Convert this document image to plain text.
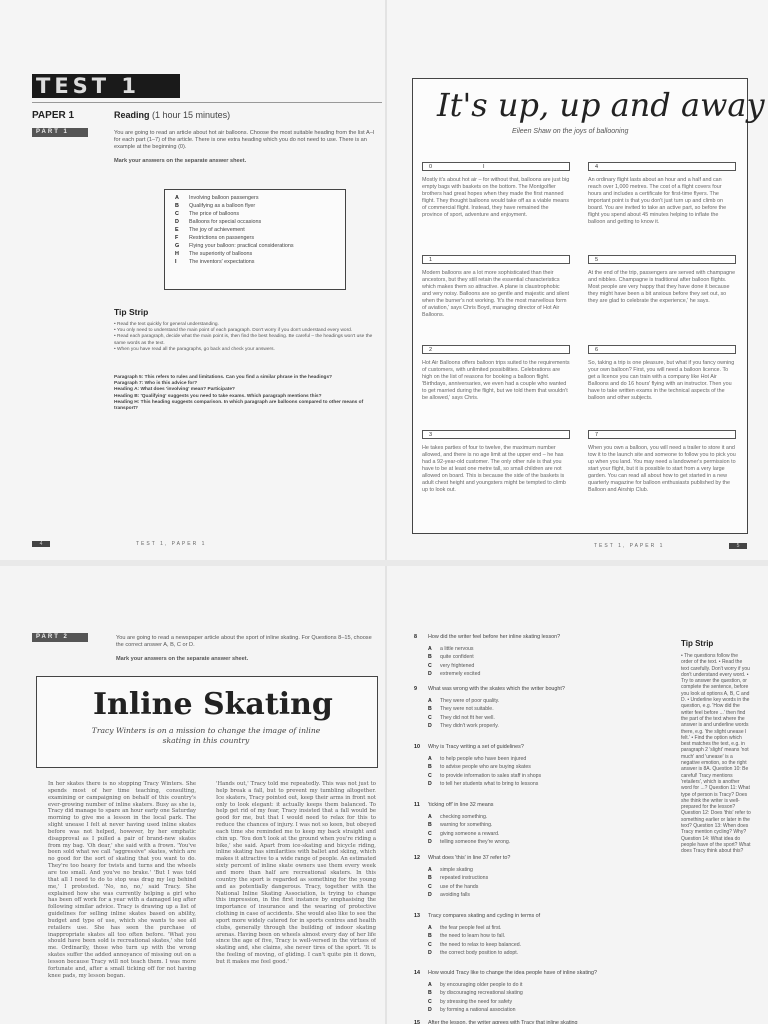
TEST 1
PAPER 1	Reading (1 hour 15 minutes)
PART 1	You are going to read an article about hot air balloons. Choose the most suitable heading from the list A–I for each part (1–7) of the article. There is one extra heading which you do not need to use. There is an example at the beginning (0).
Mark your answers on the separate answer sheet.
A Involving balloon passengers
B Qualifying as a balloon flyer
C The price of balloons
D Balloons for special occasions
E The joy of achievement
F Restrictions on passengers
G Flying your balloon: practical considerations
H The superiority of balloons
I The inventors' expectations
Tip Strip
• Read the text quickly for general understanding.
• You only need to understand the main point of each paragraph. Don't worry if you don't understand every word.
• Read each paragraph, decide what the main point is, then find the best heading. Be careful – the headings won't use the same words as the text.
• When you have read all the paragraphs, go back and check your answers.
Paragraph 5: This refers to rules and limitations. Can you find a similar phrase in the headings?
Paragraph 7: Who is this advice for?
Heading A: What does 'involving' mean? Participate?
Heading B: 'Qualifying' suggests you need to take exams. Which paragraph mentions this?
Heading H: This heading suggests comparison. In which paragraph are balloons compared to other means of transport?
4	TEST 1, PAPER 1
It's up, up and away
Eileen Shaw on the joys of ballooning
0	I
Mostly it's about hot air – for without that, balloons are just big empty bags with baskets on the bottom. The Montgolfier brothers had great hopes when they made the first manned flight. They thought balloons would take off as a viable means of commercial flight. Instead, they have remained the province of sport, adventure and enjoyment.
1
Modern balloons are a lot more sophisticated than their ancestors, but they still retain the essential characteristics which makes them so attractive. A plane is claustrophobic and very noisy. Balloons are so gentle and majestic and silent when the burner's not working. 'It's the most marvellous form of aviation,' says Chris Boyd, managing director of Hot Air Balloons.
2
Hot Air Balloons offers balloon trips suited to the requirements of customers, with unlimited possibilities. Celebrations are high on the list of reasons for booking a balloon flight. 'Birthdays, anniversaries, we even had a couple who wanted to get married during the flight, but we told them that wouldn't be allowed,' says Chris.
3
He takes parties of four to twelve, the maximum number allowed, and there is no age limit at the upper end – he has had a 92-year-old customer. The only other rule is that you have to be at least one metre tall, so small children are not allowed on board. This is because the side of the baskets is adult chest height and youngsters might be tempted to climb up to look out.
4
An ordinary flight lasts about an hour and a half and can reach over 1,000 metres. The cost of a flight covers four hours and includes a certificate for first-time flyers. The important point is that you don't just turn up and climb on board. You are invited to take an active part, so before the flight you spend about 45 minutes helping to inflate the balloon and getting to know it.
5
At the end of the trip, passengers are served with champagne and nibbles. Champagne is traditional after balloon flights. Most people are very happy that they have done it because they might have been a bit anxious before they set out, so they are glad to celebrate the experience,' he says.
6
So, taking a trip is one pleasure, but what if you fancy owning your own balloon? First, you will need a balloon licence. To get a licence you can train with a company like Hot Air Balloons and do 16 hours' flying with an instructor. Then you have to take written exams in the technical aspects of the balloon and other subjects.
7
When you own a balloon, you will need a trailer to store it and tow it to the launch site and someone to follow you to pick you up when you land. You may need a landowner's permission to start your flight, but it is possible to start from a very large garden. You can read all about how to get started in a new quarterly magazine for balloon enthusiasts published by the Balloon and Airship Club.
TEST 1, PAPER 1	5
PART 2	You are going to read a newspaper article about the sport of inline skating. For Questions 8–15, choose the correct answer A, B, C or D.
Mark your answers on the separate answer sheet.
Inline Skating
Tracy Winters is on a mission to change the image of inline skating in this country
In her skates there is no stopping Tracy Winters. She spends most of her time teaching, consulting, examining or campaigning on behalf of this country's ever-growing number of inline skaters. Busy as she is, Tracy did manage to spare an hour early one Saturday morning to give me a lesson in the local park. The slight unease I felt at never having used inline skates before was not helped, however, by her emphatic disapproval as I pulled a pair of brand-new skates from my bag. 'Oh dear,' she said with a frown. 'You've been sold what we call "aggressive" skates, which are no good for the sort of skating that you want to do. They're too heavy for twists and turns and the wheels are too small. And you've no brake.' 'But I was told that all I need to do to stop was drag my leg behind me,' I protested. 'No, no, no,' said Tracy. She explained how she was currently helping a girl who has been off work for a year with a damaged leg after following similar advice. Tracy is drawing up a list of guidelines for selling inline skates based on ability, budget and type of use, which she wants to see all retailers use. She has seen the purchase of inappropriate skates all too often before. 'What you should have been sold is recreational skates,' she told me. Ordinarily, those who turn up with the wrong skates suffer the added annoyance of missing out on a lesson because Tracy will not teach them. I was more fortunate and, after a small ticking off for not having knee pads, my lesson began.
'Hands out,' Tracy told me repeatedly. This was not just to help break a fall, but to prevent my tumbling altogether. Ice skaters, Tracy pointed out, keep their arms in front not only to look elegant: it actually keeps them balanced. To help get rid of my fear, Tracy insisted that a fall would be good for me, but that I would need to relax for this to reduce the chances of injury. I was not so keen, but obeyed each time she reminded me to keep my back straight and chin up. 'You don't look at the ground when you're riding a bike,' she said. Apart from ice-skating and bicycle riding, inline skating has similarities with ballet and skiing, which makes it attractive to a wide range of people. An estimated sixty percent of inline skate owners use them every week and more than half are recreational skaters. In this country the sport is regarded as something for the young and as potentially dangerous. Tracy, together with the National Inline Skating Association, is trying to change this impression, in the first instance by emphasising the importance of insurance and the wearing of protective clothing in case of accidents. She would also like to see the sport more widely catered for in sports centres and health clubs, generally through the building of indoor skating arenas. Having been on wheels almost every day of her life since the age of five, Tracy is well-versed in the virtues of skating and, she claims, she never tires of the sport. 'It is the feeling of moving, of gliding. I can't quite pin it down, but it makes me feel good.'
8 How did the writer feel before her inline skating lesson?
A a little nervous
B quite confident
C very frightened
D extremely excited
9 What was wrong with the skates which the writer bought?
A They were of poor quality.
B They were not suitable.
C They did not fit her well.
D They didn't work properly.
10 Why is Tracy writing a set of guidelines?
A to help people who have been injured
B to advise people who are buying skates
C to provide information to sales staff in shops
D to tell her students what to bring to lessons
11 'ticking off' in line 32 means
A checking something.
B warning for something.
C giving someone a reward.
D telling someone they're wrong.
12 What does 'this' in line 37 refer to?
A simple skating
B repeated instructions
C use of the hands
D avoiding falls
13 Tracy compares skating and cycling in terms of
A the fear people feel at first.
B the need to learn how to fall.
C the need to relax to keep balanced.
D the correct body position to adopt.
14 How would Tracy like to change the idea people have of inline skating?
A by encouraging older people to do it
B by discouraging recreational skating
C by stressing the need for safety
D by forming a national association
15 After the lesson, the writer agrees with Tracy that inline skating
Tip Strip
• The questions follow the order of the text. • Read the text carefully. Don't worry if you don't understand every word. • Try to answer the question, or complete the sentence, before you look at options A, B, C and D. • Underline key words in the question, e.g. 'How did the writer feel before ...' then find the part of the text where the answer is and underline words there, e.g. 'the slight unease I felt.' • Find the option which best matches the text, e.g. in paragraph 2 'slight' means 'not much' and 'unease' is a negative emotion, so the right answer is 8A. Question 10: Be careful! Tracy mentions 'retailers', which is another word for ...? Question 11: What type of person is Tracy? Does she think the writer is well-prepared for the lesson? Question 12: Does 'this' refer to something earlier or later in the text? Question 13: When does Tracy mention cycling? Why? Question 14: What idea do people have of the sport? What does Tracy think about this?
